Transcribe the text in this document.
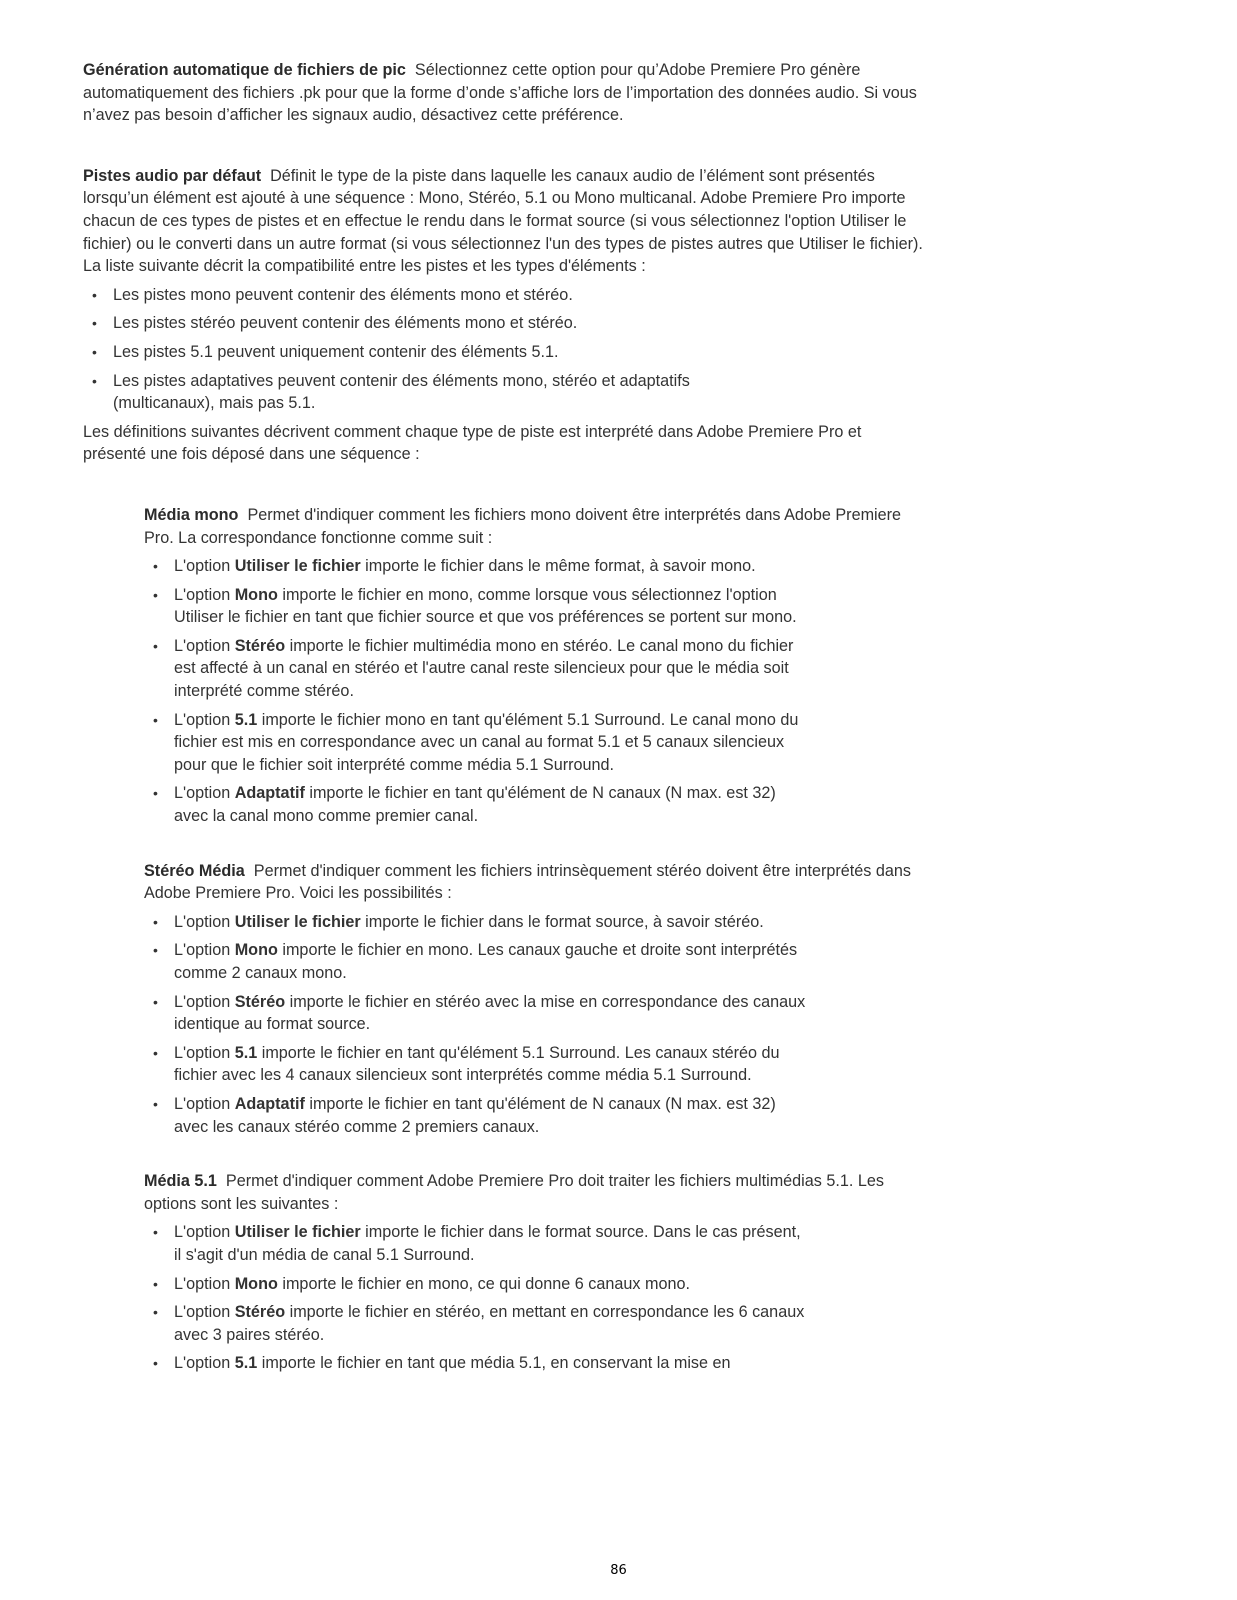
Génération automatique de fichiers de pic Sélectionnez cette option pour qu’Adobe Premiere Pro génère automatiquement des fichiers .pk pour que la forme d’onde s’affiche lors de l’importation des données audio. Si vous n’avez pas besoin d’afficher les signaux audio, désactivez cette préférence.

Pistes audio par défaut Définit le type de la piste dans laquelle les canaux audio de l’élément sont présentés lorsqu’un élément est ajouté à une séquence : Mono, Stéréo, 5.1 ou Mono multicanal. Adobe Premiere Pro importe chacun de ces types de pistes et en effectue le rendu dans le format source (si vous sélectionnez l'option Utiliser le fichier) ou le converti dans un autre format (si vous sélectionnez l'un des types de pistes autres que Utiliser le fichier). La liste suivante décrit la compatibilité entre les pistes et les types d'éléments :

• Les pistes mono peuvent contenir des éléments mono et stéréo.
• Les pistes stéréo peuvent contenir des éléments mono et stéréo.
• Les pistes 5.1 peuvent uniquement contenir des éléments 5.1.
• Les pistes adaptatives peuvent contenir des éléments mono, stéréo et adaptatifs (multicanaux), mais pas 5.1.

Les définitions suivantes décrivent comment chaque type de piste est interprété dans Adobe Premiere Pro et présenté une fois déposé dans une séquence :

Média mono Permet d'indiquer comment les fichiers mono doivent être interprétés dans Adobe Premiere Pro. La correspondance fonctionne comme suit :

• L'option Utiliser le fichier importe le fichier dans le même format, à savoir mono.
• L'option Mono importe le fichier en mono, comme lorsque vous sélectionnez l'option Utiliser le fichier en tant que fichier source et que vos préférences se portent sur mono.
• L'option Stéréo importe le fichier multimédia mono en stéréo. Le canal mono du fichier est affecté à un canal en stéréo et l'autre canal reste silencieux pour que le média soit interprété comme stéréo.
• L'option 5.1 importe le fichier mono en tant qu'élément 5.1 Surround. Le canal mono du fichier est mis en correspondance avec un canal au format 5.1 et 5 canaux silencieux pour que le fichier soit interprété comme média 5.1 Surround.
• L'option Adaptatif importe le fichier en tant qu'élément de N canaux (N max. est 32) avec la canal mono comme premier canal.

Stéréo Média Permet d'indiquer comment les fichiers intrinsèquement stéréo doivent être interprétés dans Adobe Premiere Pro. Voici les possibilités :

• L'option Utiliser le fichier importe le fichier dans le format source, à savoir stéréo.
• L'option Mono importe le fichier en mono. Les canaux gauche et droite sont interprétés comme 2 canaux mono.
• L'option Stéréo importe le fichier en stéréo avec la mise en correspondance des canaux identique au format source.
• L'option 5.1 importe le fichier en tant qu'élément 5.1 Surround. Les canaux stéréo du fichier avec les 4 canaux silencieux sont interprétés comme média 5.1 Surround.
• L'option Adaptatif importe le fichier en tant qu'élément de N canaux (N max. est 32) avec les canaux stéréo comme 2 premiers canaux.

Média 5.1 Permet d'indiquer comment Adobe Premiere Pro doit traiter les fichiers multimédias 5.1. Les options sont les suivantes :

• L'option Utiliser le fichier importe le fichier dans le format source. Dans le cas présent, il s'agit d'un média de canal 5.1 Surround.
• L'option Mono importe le fichier en mono, ce qui donne 6 canaux mono.
• L'option Stéréo importe le fichier en stéréo, en mettant en correspondance les 6 canaux avec 3 paires stéréo.
• L'option 5.1 importe le fichier en tant que média 5.1, en conservant la mise en
86
